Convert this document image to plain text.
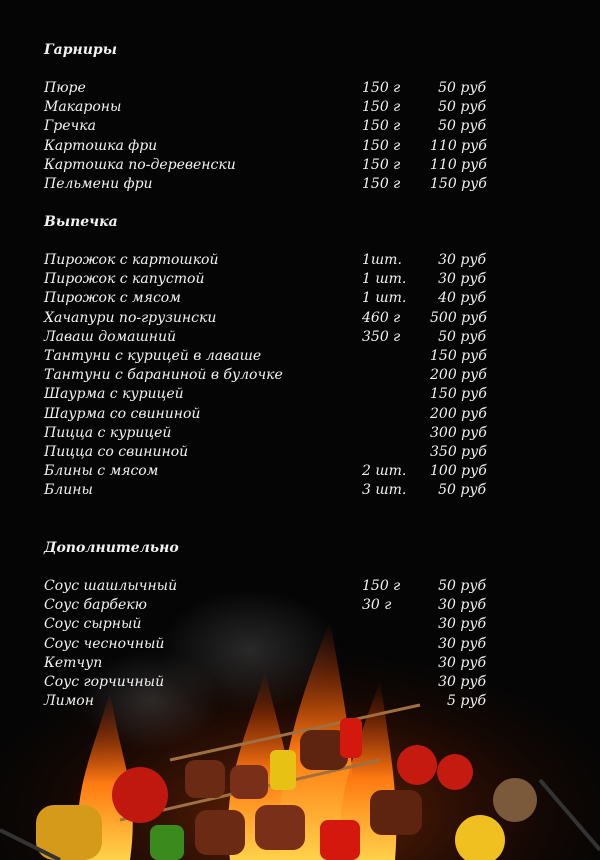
Гарниры
Пюре	150 г	50 руб
Макароны	150 г	50 руб
Гречка	150 г	50 руб
Картошка фри	150 г 110 руб
Картошка по-деревенски	150 г 110 руб
Пельмени фри	150 г 150 руб
Выпечка
Пирожок с картошкой	1шт.	30 руб
Пирожок с капустой	1 шт.	30 руб
Пирожок с мясом	1 шт.	40 руб
Хачапури по-грузински	460 г 500 руб
Лаваш домашний	350 г	50 руб
Тантуни с курицей в лаваше	150 руб
Тантуни с бараниной в булочке	200 руб
Шаурма с курицей	150 руб
Шаурма со свининой	200 руб
Пицца с курицей	300 руб
Пицца со свининой	350 руб
Блины с мясом	2 шт. 100 руб
Блины	3 шт.	50 руб
Дополнительно
Соус шашлычный	150 г	50 руб
Соус барбекю	30 г	30 руб
Соус сырный	30 руб
Соус чесночный	30 руб
Кетчуп	30 руб
Соус горчичный	30 руб
Лимон	5 руб
